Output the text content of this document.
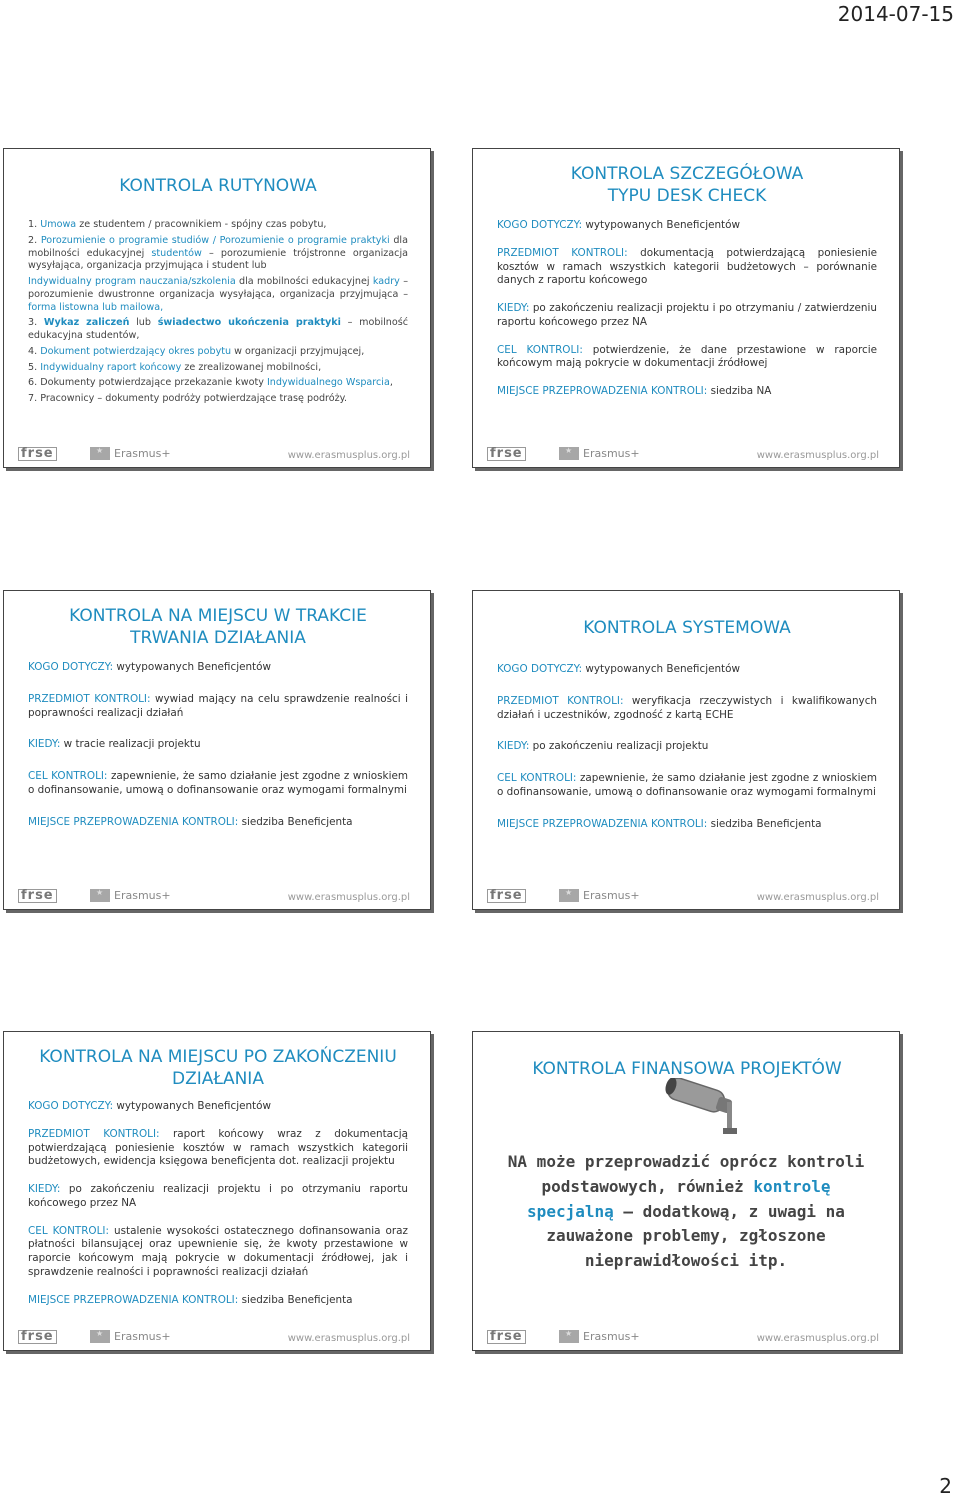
2014-07-15
KONTROLA RUTYNOWA

1. Umowa ze studentem / pracownikiem - spójny czas pobytu,

2. Porozumienie o programie studiów / Porozumienie o programie praktyki dla mobilności edukacyjnej studentów – porozumienie trójstronne organizacja wysyłająca, organizacja przyjmująca i student lub

Indywidualny program nauczania/szkolenia dla mobilności edukacyjnej kadry – porozumienie dwustronne organizacja wysyłająca, organizacja przyjmująca – forma listowna lub mailowa,

3. Wykaz zaliczeń lub świadectwo ukończenia praktyki – mobilność edukacyjna studentów,

4. Dokument potwierdzający okres pobytu w organizacji przyjmującej,

5. Indywidualny raport końcowy ze zrealizowanej mobilności,

6. Dokumenty potwierdzające przekazanie kwoty Indywidualnego Wsparcia,

7. Pracownicy – dokumenty podróży potwierdzające trasę podróży.

frse ★	Erasmus+	www.erasmusplus.org.pl
KONTROLA SZCZEGÓŁOWA TYPU DESK CHECK

KOGO DOTYCZY: wytypowanych Beneficjentów

PRZEDMIOT KONTROLI: dokumentacją potwierdzającą poniesienie kosztów w ramach wszystkich kategorii budżetowych – porównanie danych z raportu końcowego

KIEDY: po zakończeniu realizacji projektu i po otrzymaniu / zatwierdzeniu raportu końcowego przez NA

CEL KONTROLI: potwierdzenie, że dane przestawione w raporcie końcowym mają pokrycie w dokumentacji źródłowej

MIEJSCE PRZEPROWADZENIA KONTROLI: siedziba NA

frse ★	Erasmus+	www.erasmusplus.org.pl
KONTROLA NA MIEJSCU W TRAKCIE TRWANIA DZIAŁANIA

KOGO DOTYCZY: wytypowanych Beneficjentów

PRZEDMIOT KONTROLI: wywiad mający na celu sprawdzenie realności i poprawności realizacji działań

KIEDY: w tracie realizacji projektu

CEL KONTROLI: zapewnienie, że samo działanie jest zgodne z wnioskiem o dofinansowanie, umową o dofinansowanie oraz wymogami formalnymi

MIEJSCE PRZEPROWADZENIA KONTROLI: siedziba Beneficjenta

frse ★	Erasmus+	www.erasmusplus.org.pl
KONTROLA SYSTEMOWA

KOGO DOTYCZY: wytypowanych Beneficjentów

PRZEDMIOT KONTROLI: weryfikacja rzeczywistych i kwalifikowanych działań i uczestników, zgodność z kartą ECHE

KIEDY: po zakończeniu realizacji projektu

CEL KONTROLI: zapewnienie, że samo działanie jest zgodne z wnioskiem o dofinansowanie, umową o dofinansowanie oraz wymogami formalnymi

MIEJSCE PRZEPROWADZENIA KONTROLI: siedziba Beneficjenta

frse ★	Erasmus+	www.erasmusplus.org.pl
KONTROLA NA MIEJSCU PO ZAKOŃCZENIU DZIAŁANIA

KOGO DOTYCZY: wytypowanych Beneficjentów

PRZEDMIOT KONTROLI: raport końcowy wraz z dokumentacją potwierdzającą poniesienie kosztów w ramach wszystkich kategorii budżetowych, ewidencja księgowa beneficjenta dot. realizacji projektu

KIEDY: po zakończeniu realizacji projektu i po otrzymaniu raportu końcowego przez NA

CEL KONTROLI: ustalenie wysokości ostatecznego dofinansowania oraz płatności bilansującej oraz upewnienie się, że kwoty przestawione w raporcie końcowym mają pokrycie w dokumentacji źródłowej, jak i sprawdzenie realności i poprawności realizacji działań

MIEJSCE PRZEPROWADZENIA KONTROLI: siedziba Beneficjenta

frse ★	Erasmus+	www.erasmusplus.org.pl
KONTROLA FINANSOWA PROJEKTÓW
NA może przeprowadzić oprócz kontroli podstawowych, również kontrolę specjalną – dodatkową, z uwagi na zauważone problemy, zgłoszone nieprawidłowości itp.
frse ★	Erasmus+	www.erasmusplus.org.pl
2
